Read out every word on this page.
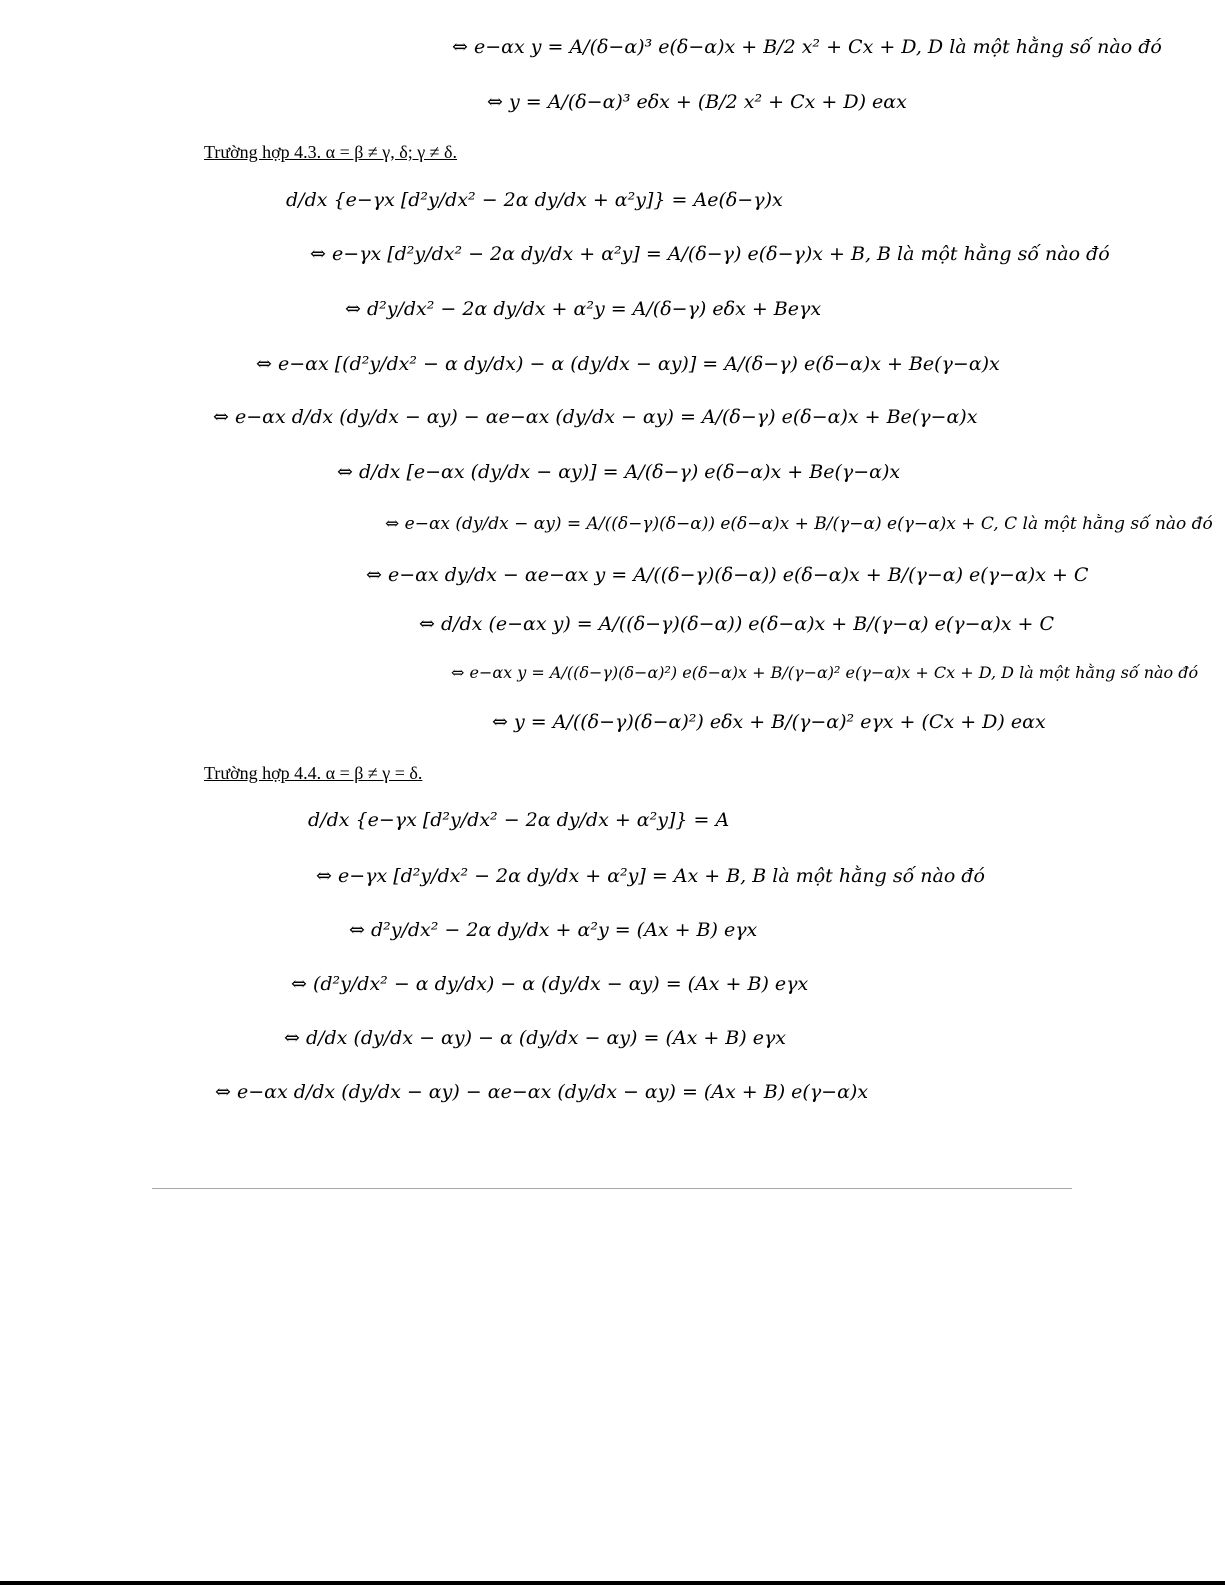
⇔ e−αx y = A/(δ−α)³ e(δ−α)x + B/2 x² + Cx + D, D là một hằng số nào đó
⇔ y = A/(δ−α)³ eδx + (B/2 x² + Cx + D) eαx
Trường hợp 4.3. α = β ≠ γ, δ; γ ≠ δ.
d/dx {e−γx [d²y/dx² − 2α dy/dx + α²y]} = Ae(δ−γ)x
⇔ e−γx [d²y/dx² − 2α dy/dx + α²y] = A/(δ−γ) e(δ−γ)x + B, B là một hằng số nào đó
⇔ d²y/dx² − 2α dy/dx + α²y = A/(δ−γ) eδx + Beγx
⇔ e−αx [(d²y/dx² − α dy/dx) − α (dy/dx − αy)] = A/(δ−γ) e(δ−α)x + Be(γ−α)x
⇔ e−αx d/dx (dy/dx − αy) − αe−αx (dy/dx − αy) = A/(δ−γ) e(δ−α)x + Be(γ−α)x
⇔ d/dx [e−αx (dy/dx − αy)] = A/(δ−γ) e(δ−α)x + Be(γ−α)x
⇔ e−αx (dy/dx − αy) = A/((δ−γ)(δ−α)) e(δ−α)x + B/(γ−α) e(γ−α)x + C, C là một hằng số nào đó
⇔ e−αx dy/dx − αe−αx y = A/((δ−γ)(δ−α)) e(δ−α)x + B/(γ−α) e(γ−α)x + C
⇔ d/dx (e−αx y) = A/((δ−γ)(δ−α)) e(δ−α)x + B/(γ−α) e(γ−α)x + C
⇔ e−αx y = A/((δ−γ)(δ−α)²) e(δ−α)x + B/(γ−α)² e(γ−α)x + Cx + D, D là một hằng số nào đó
⇔ y = A/((δ−γ)(δ−α)²) eδx + B/(γ−α)² eγx + (Cx + D) eαx
Trường hợp 4.4. α = β ≠ γ = δ.
d/dx {e−γx [d²y/dx² − 2α dy/dx + α²y]} = A
⇔ e−γx [d²y/dx² − 2α dy/dx + α²y] = Ax + B, B là một hằng số nào đó
⇔ d²y/dx² − 2α dy/dx + α²y = (Ax + B) eγx
⇔ (d²y/dx² − α dy/dx) − α (dy/dx − αy) = (Ax + B) eγx
⇔ d/dx (dy/dx − αy) − α (dy/dx − αy) = (Ax + B) eγx
⇔ e−αx d/dx (dy/dx − αy) − αe−αx (dy/dx − αy) = (Ax + B) e(γ−α)x
